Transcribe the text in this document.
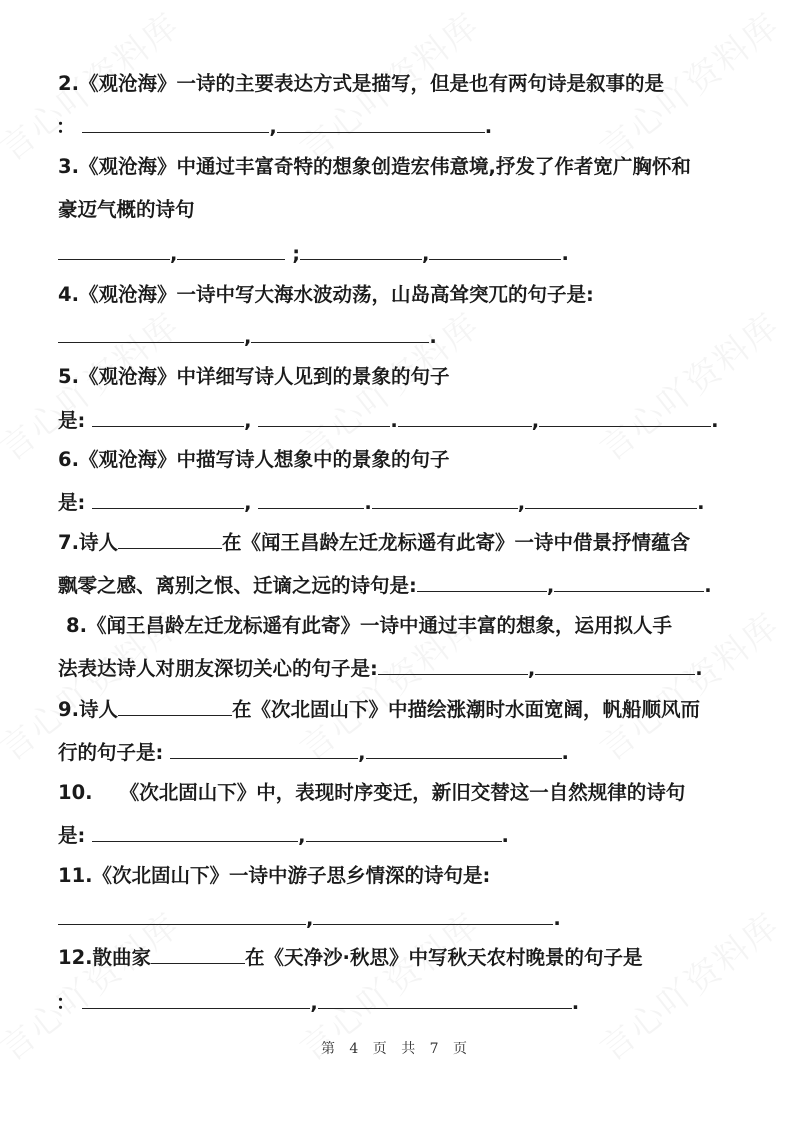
2.《观沧海》一诗的主要表达方式是描写，但是也有两句诗是叙事的是
：	,	.
3.《观沧海》中通过丰富奇特的想象创造宏伟意境,抒发了作者宽广胸怀和
豪迈气概的诗句
,	;	,	.
4.《观沧海》一诗中写大海水波动荡，山岛高耸突兀的句子是:
,	.
5.《观沧海》中详细写诗人见到的景象的句子
是:	,	.	,	.
6.《观沧海》中描写诗人想象中的景象的句子
是:	,	.	,	.
7.诗人	在《闻王昌龄左迁龙标遥有此寄》一诗中借景抒情蕴含
飘零之感、离别之恨、迁谪之远的诗句是:	,	.
8.《闻王昌龄左迁龙标遥有此寄》一诗中通过丰富的想象，运用拟人手
法表达诗人对朋友深切关心的句子是:	,	.
9.诗人	在《次北固山下》中描绘涨潮时水面宽阔，帆船顺风而
行的句子是:	,	.
10.    《次北固山下》中，表现时序变迁，新旧交替这一自然规律的诗句
是:	,	.
11.《次北固山下》一诗中游子思乡情深的诗句是:
,	.
12.散曲家	在《天净沙·秋思》中写秋天农村晚景的句子是
：	,	.
第 4 页 共 7 页
